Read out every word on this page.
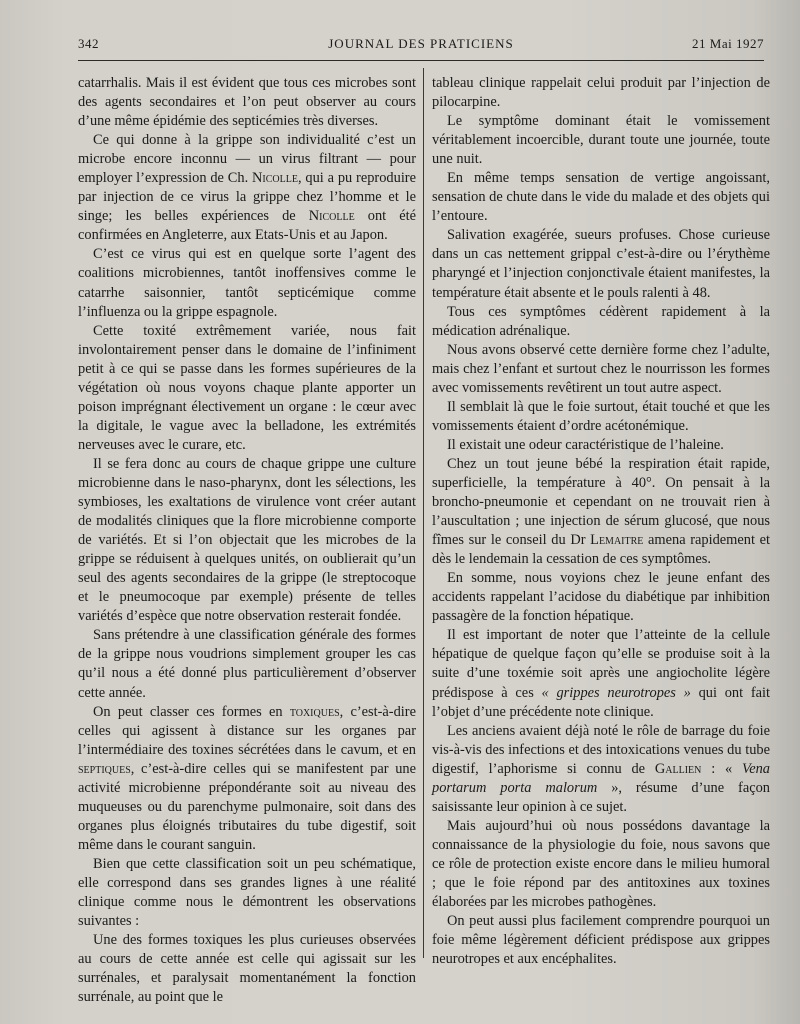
342	JOURNAL DES PRATICIENS	21 Mai 1927

catarrhalis. Mais il est évident que tous ces microbes sont des agents secondaires et l’on peut observer au cours d’une même épidémie des septicémies très diverses.

Ce qui donne à la grippe son individualité c’est un microbe encore inconnu — un virus filtrant — pour employer l’expression de Ch. Nicolle, qui a pu reproduire par injection de ce virus la grippe chez l’homme et le singe; les belles expériences de Nicolle ont été confirmées en Angleterre, aux Etats-Unis et au Japon.

C’est ce virus qui est en quelque sorte l’agent des coalitions microbiennes, tantôt inoffensives comme le catarrhe saisonnier, tantôt septicémique comme l’influenza ou la grippe espagnole.

Cette toxité extrêmement variée, nous fait involontairement penser dans le domaine de l’infiniment petit à ce qui se passe dans les formes supérieures de la végétation où nous voyons chaque plante apporter un poison imprégnant électivement un organe : le cœur avec la digitale, le vague avec la belladone, les extrémités nerveuses avec le curare, etc.

Il se fera donc au cours de chaque grippe une culture microbienne dans le naso-pharynx, dont les sélections, les symbioses, les exaltations de virulence vont créer autant de modalités cliniques que la flore microbienne comporte de variétés. Et si l’on objectait que les microbes de la grippe se réduisent à quelques unités, on oublierait qu’un seul des agents secondaires de la grippe (le streptocoque et le pneumocoque par exemple) présente de telles variétés d’espèce que notre observation resterait fondée.

Sans prétendre à une classification générale des formes de la grippe nous voudrions simplement grouper les cas qu’il nous a été donné plus particulièrement d’observer cette année.

On peut classer ces formes en toxiques, c’est-à-dire celles qui agissent à distance sur les organes par l’intermédiaire des toxines sécrétées dans le cavum, et en septiques, c’est-à-dire celles qui se manifestent par une activité microbienne prépondérante soit au niveau des muqueuses ou du parenchyme pulmonaire, soit dans des organes plus éloignés tributaires du tube digestif, soit même dans le courant sanguin.

Bien que cette classification soit un peu schématique, elle correspond dans ses grandes lignes à une réalité clinique comme nous le démontrent les observations suivantes :

Une des formes toxiques les plus curieuses observées au cours de cette année est celle qui agissait sur les surrénales, et paralysait momentanément la fonction surrénale, au point que le

tableau clinique rappelait celui produit par l’injection de pilocarpine.

Le symptôme dominant était le vomissement véritablement incoercible, durant toute une journée, toute une nuit.

En même temps sensation de vertige angoissant, sensation de chute dans le vide du malade et des objets qui l’entoure.

Salivation exagérée, sueurs profuses. Chose curieuse dans un cas nettement grippal c’est-à-dire ou l’érythème pharyngé et l’injection conjonctivale étaient manifestes, la température était absente et le pouls ralenti à 48.

Tous ces symptômes cédèrent rapidement à la médication adrénalique.

Nous avons observé cette dernière forme chez l’adulte, mais chez l’enfant et surtout chez le nourrisson les formes avec vomissements revêtirent un tout autre aspect.

Il semblait là que le foie surtout, était touché et que les vomissements étaient d’ordre acétonémique.

Il existait une odeur caractéristique de l’haleine.

Chez un tout jeune bébé la respiration était rapide, superficielle, la température à 40°. On pensait à la broncho-pneumonie et cependant on ne trouvait rien à l’auscultation ; une injection de sérum glucosé, que nous fîmes sur le conseil du Dr Lemaitre amena rapidement et dès le lendemain la cessation de ces symptômes.

En somme, nous voyions chez le jeune enfant des accidents rappelant l’acidose du diabétique par inhibition passagère de la fonction hépatique.

Il est important de noter que l’atteinte de la cellule hépatique de quelque façon qu’elle se produise soit à la suite d’une toxémie soit après une angiocholite légère prédispose à ces « grippes neurotropes » qui ont fait l’objet d’une précédente note clinique.

Les anciens avaient déjà noté le rôle de barrage du foie vis-à-vis des infections et des intoxications venues du tube digestif, l’aphorisme si connu de Gallien : « Vena portarum porta malorum », résume d’une façon saisissante leur opinion à ce sujet.

Mais aujourd’hui où nous possédons davantage la connaissance de la physiologie du foie, nous savons que ce rôle de protection existe encore dans le milieu humoral ; que le foie répond par des antitoxines aux toxines élaborées par les microbes pathogènes.

On peut aussi plus facilement comprendre pourquoi un foie même légèrement déficient prédispose aux grippes neurotropes et aux encéphalites.
